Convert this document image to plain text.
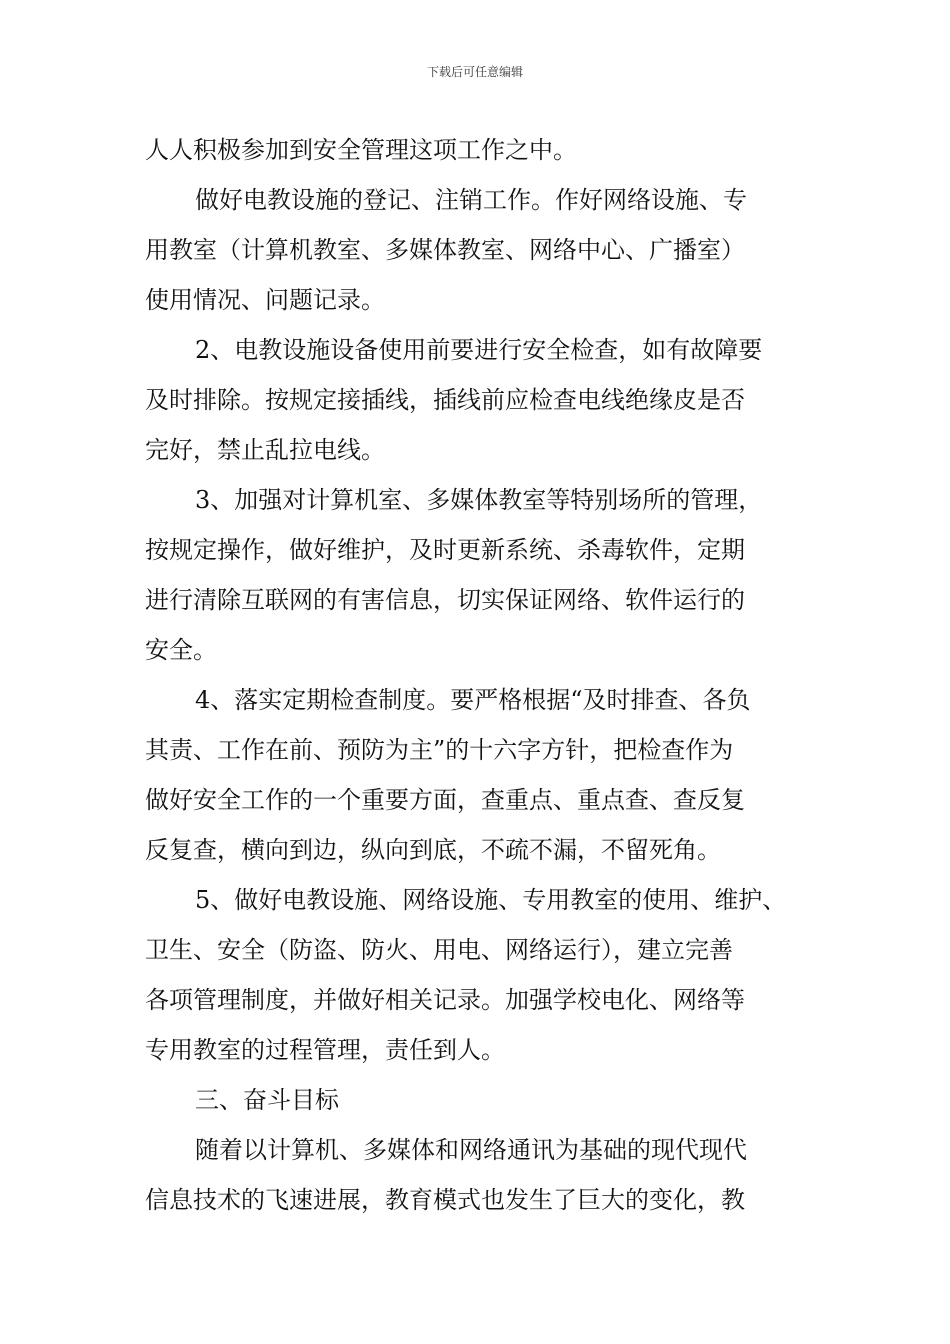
下载后可任意编辑
人人积极参加到安全管理这项工作之中。
做好电教设施的登记、注销工作。作好网络设施、专
用教室（计算机教室、多媒体教室、网络中心、广播室）
使用情况、问题记录。
2、电教设施设备使用前要进行安全检查，如有故障要
及时排除。按规定接插线，插线前应检查电线绝缘皮是否
完好，禁止乱拉电线。
3、加强对计算机室、多媒体教室等特别场所的管理，
按规定操作，做好维护，及时更新系统、杀毒软件，定期
进行清除互联网的有害信息，切实保证网络、软件运行的
安全。
4、落实定期检查制度。要严格根据“及时排查、各负
其责、工作在前、预防为主”的十六字方针，把检查作为
做好安全工作的一个重要方面，查重点、重点查、查反复
反复查，横向到边，纵向到底，不疏不漏，不留死角。
5、做好电教设施、网络设施、专用教室的使用、维护、
卫生、安全（防盗、防火、用电、网络运行），建立完善
各项管理制度，并做好相关记录。加强学校电化、网络等
专用教室的过程管理，责任到人。
三、奋斗目标
随着以计算机、多媒体和网络通讯为基础的现代现代
信息技术的飞速进展，教育模式也发生了巨大的变化，教
